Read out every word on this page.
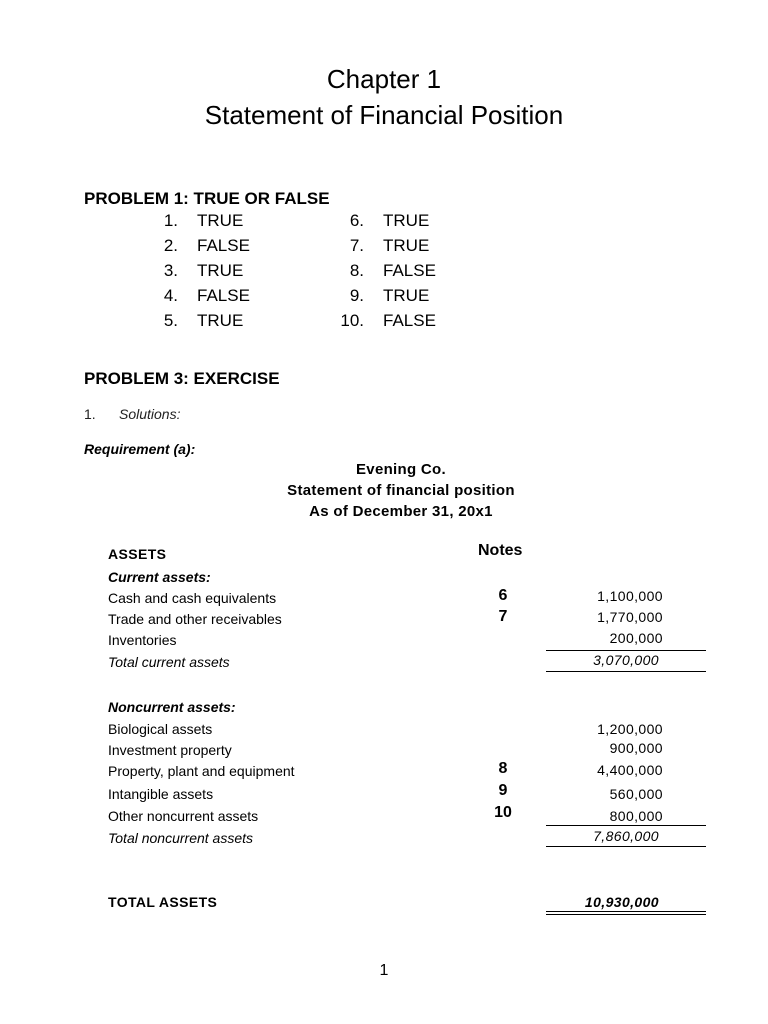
Chapter 1
Statement of Financial Position
PROBLEM 1: TRUE OR FALSE
1. TRUE
2. FALSE
3. TRUE
4. FALSE
5. TRUE
6. TRUE
7. TRUE
8. FALSE
9. TRUE
10. FALSE
PROBLEM 3: EXERCISE
1. Solutions:
Requirement (a):
Evening Co.
Statement of financial position
As of December 31, 20x1
ASSETS	Notes
Current assets:
Cash and cash equivalents	6	1,100,000
Trade and other receivables	7	1,770,000
Inventories	200,000
Total current assets	3,070,000
Noncurrent assets:
Biological assets	1,200,000
Investment property	900,000
Property, plant and equipment	8	4,400,000
Intangible assets	9	560,000
Other noncurrent assets	10	800,000
Total noncurrent assets	7,860,000
TOTAL ASSETS	10,930,000
1
